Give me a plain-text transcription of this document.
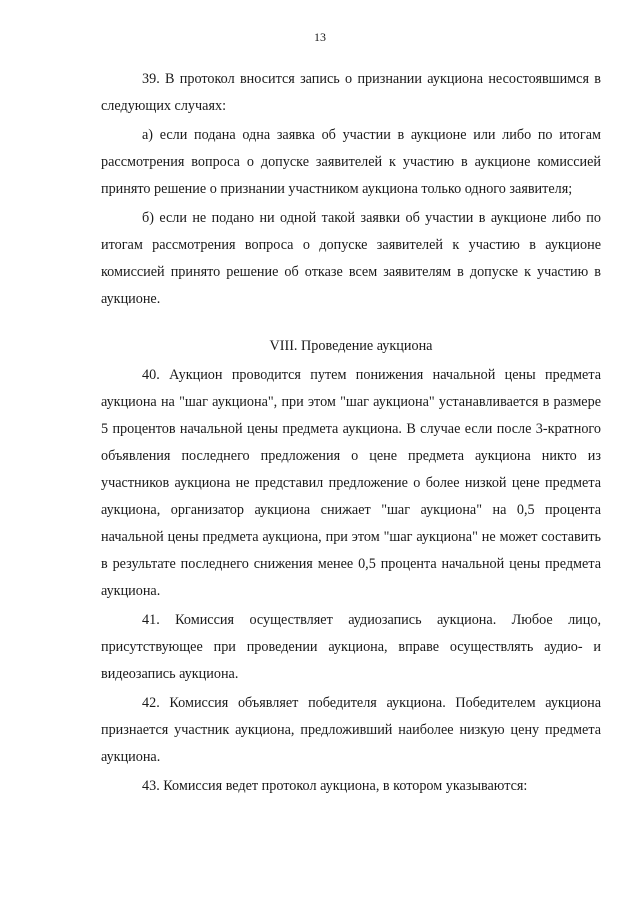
13

39. В протокол вносится запись о признании аукциона несостоявшимся в следующих случаях:

а) если подана одна заявка об участии в аукционе или либо по итогам рассмотрения вопроса о допуске заявителей к участию в аукционе комиссией принято решение о признании участником аукциона только одного заявителя;

б) если не подано ни одной такой заявки об участии в аукционе либо по итогам рассмотрения вопроса о допуске заявителей к участию в аукционе комиссией принято решение об отказе всем заявителям в допуске к участию в аукционе.

VIII. Проведение аукциона

40. Аукцион проводится путем понижения начальной цены предмета аукциона на "шаг аукциона", при этом "шаг аукциона" устанавливается в размере 5 процентов начальной цены предмета аукциона. В случае если после 3-кратного объявления последнего предложения о цене предмета аукциона никто из участников аукциона не представил предложение о более низкой цене предмета аукциона, организатор аукциона снижает "шаг аукциона" на 0,5 процента начальной цены предмета аукциона, при этом "шаг аукциона" не может составить в результате последнего снижения менее 0,5 процента начальной цены предмета аукциона.

41. Комиссия осуществляет аудиозапись аукциона. Любое лицо, присутствующее при проведении аукциона, вправе осуществлять аудио- и видеозапись аукциона.

42. Комиссия объявляет победителя аукциона. Победителем аукциона признается участник аукциона, предложивший наиболее низкую цену предмета аукциона.

43. Комиссия ведет протокол аукциона, в котором указываются:
